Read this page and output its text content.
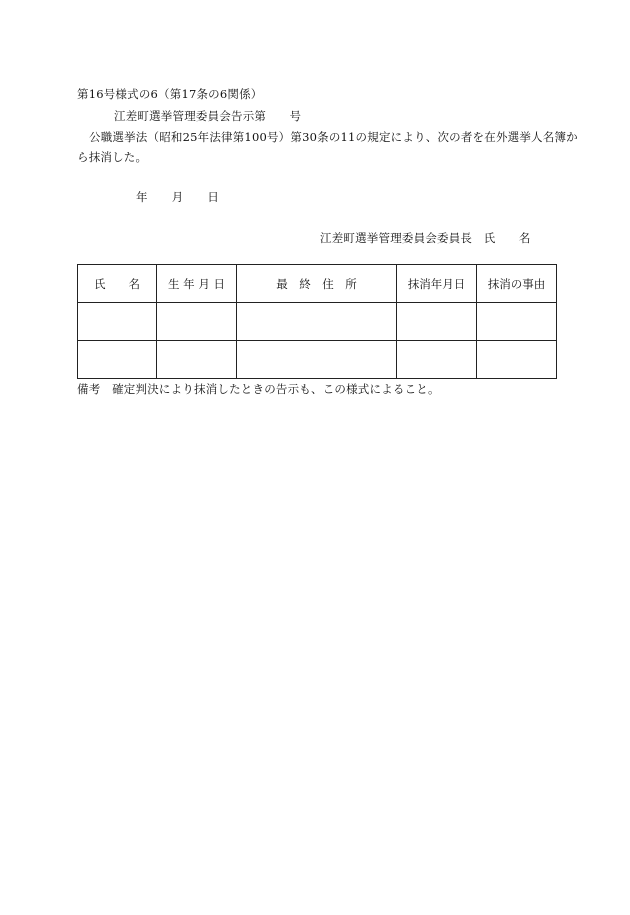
第16号様式の6（第17条の6関係）
江差町選挙管理委員会告示第　　号
公職選挙法（昭和25年法律第100号）第30条の11の規定により、次の者を在外選挙人名簿か
ら抹消した。
年 月 日
江差町選挙管理委員会委員長　氏　　名
氏　　名	生 年 月 日	最　終　住　所	抹消年月日	抹消の事由

備考　確定判決により抹消したときの告示も、この様式によること。
